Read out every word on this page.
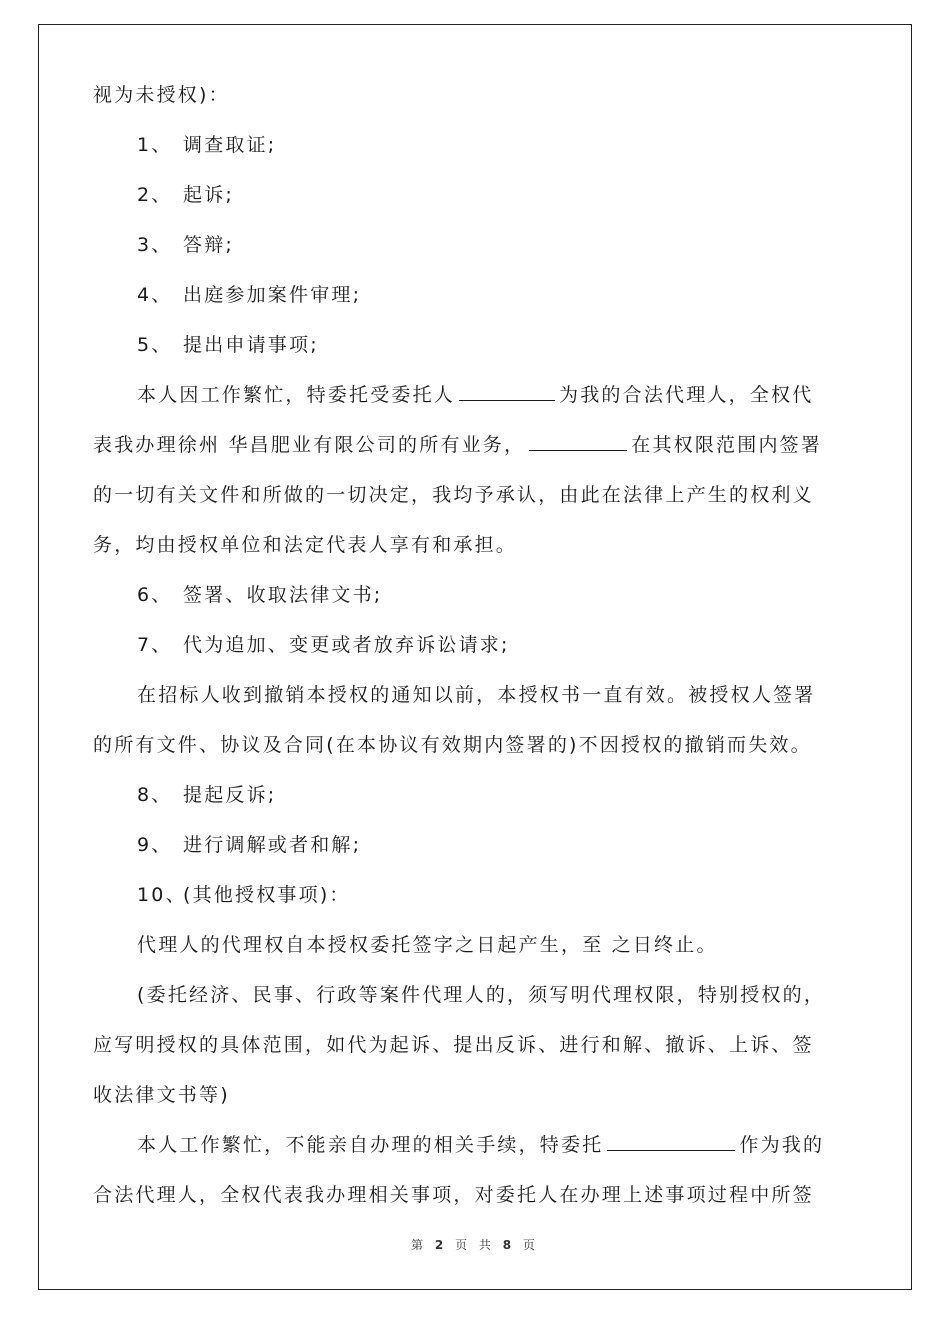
视为未授权)：
1、 调查取证;
2、 起诉;
3、 答辩;
4、 出庭参加案件审理;
5、 提出申请事项;
本人因工作繁忙，特委托受委托人	为我的合法代理人，全权代
表我办理徐州 华昌肥业有限公司的所有业务，	在其权限范围内签署
的一切有关文件和所做的一切决定，我均予承认，由此在法律上产生的权利义
务，均由授权单位和法定代表人享有和承担。
6、 签署、收取法律文书;
7、 代为追加、变更或者放弃诉讼请求;
在招标人收到撤销本授权的通知以前，本授权书一直有效。被授权人签署
的所有文件、协议及合同(在本协议有效期内签署的)不因授权的撤销而失效。
8、 提起反诉;
9、 进行调解或者和解;
10、(其他授权事项)：
代理人的代理权自本授权委托签字之日起产生，至 之日终止。
(委托经济、民事、行政等案件代理人的，须写明代理权限，特别授权的，
应写明授权的具体范围，如代为起诉、提出反诉、进行和解、撤诉、上诉、签
收法律文书等)
本人工作繁忙，不能亲自办理的相关手续，特委托	作为我的
合法代理人，全权代表我办理相关事项，对委托人在办理上述事项过程中所签
第 2 页 共 8 页
